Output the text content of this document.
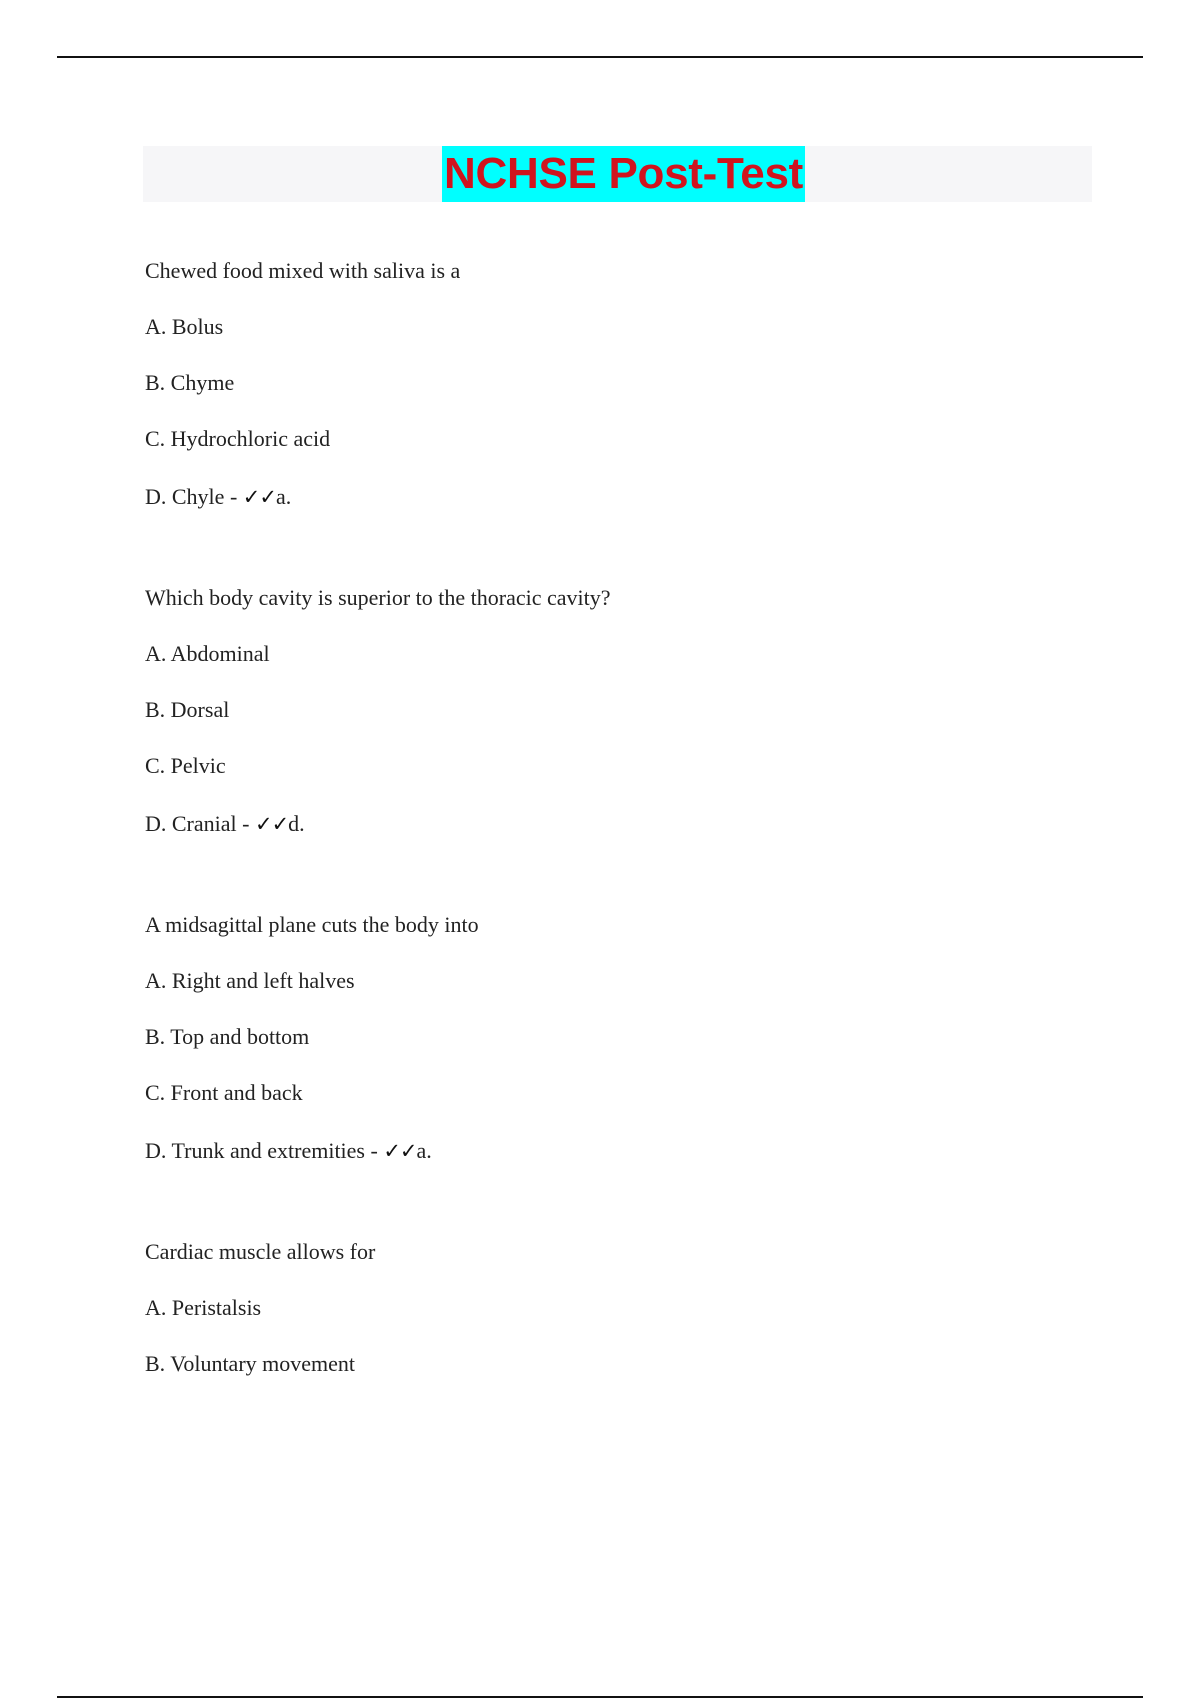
NCHSE Post-Test
Chewed food mixed with saliva is a
A. Bolus
B. Chyme
C. Hydrochloric acid
D. Chyle - ✓✓a.
Which body cavity is superior to the thoracic cavity?
A. Abdominal
B. Dorsal
C. Pelvic
D. Cranial - ✓✓d.
A midsagittal plane cuts the body into
A. Right and left halves
B. Top and bottom
C. Front and back
D. Trunk and extremities - ✓✓a.
Cardiac muscle allows for
A. Peristalsis
B. Voluntary movement
